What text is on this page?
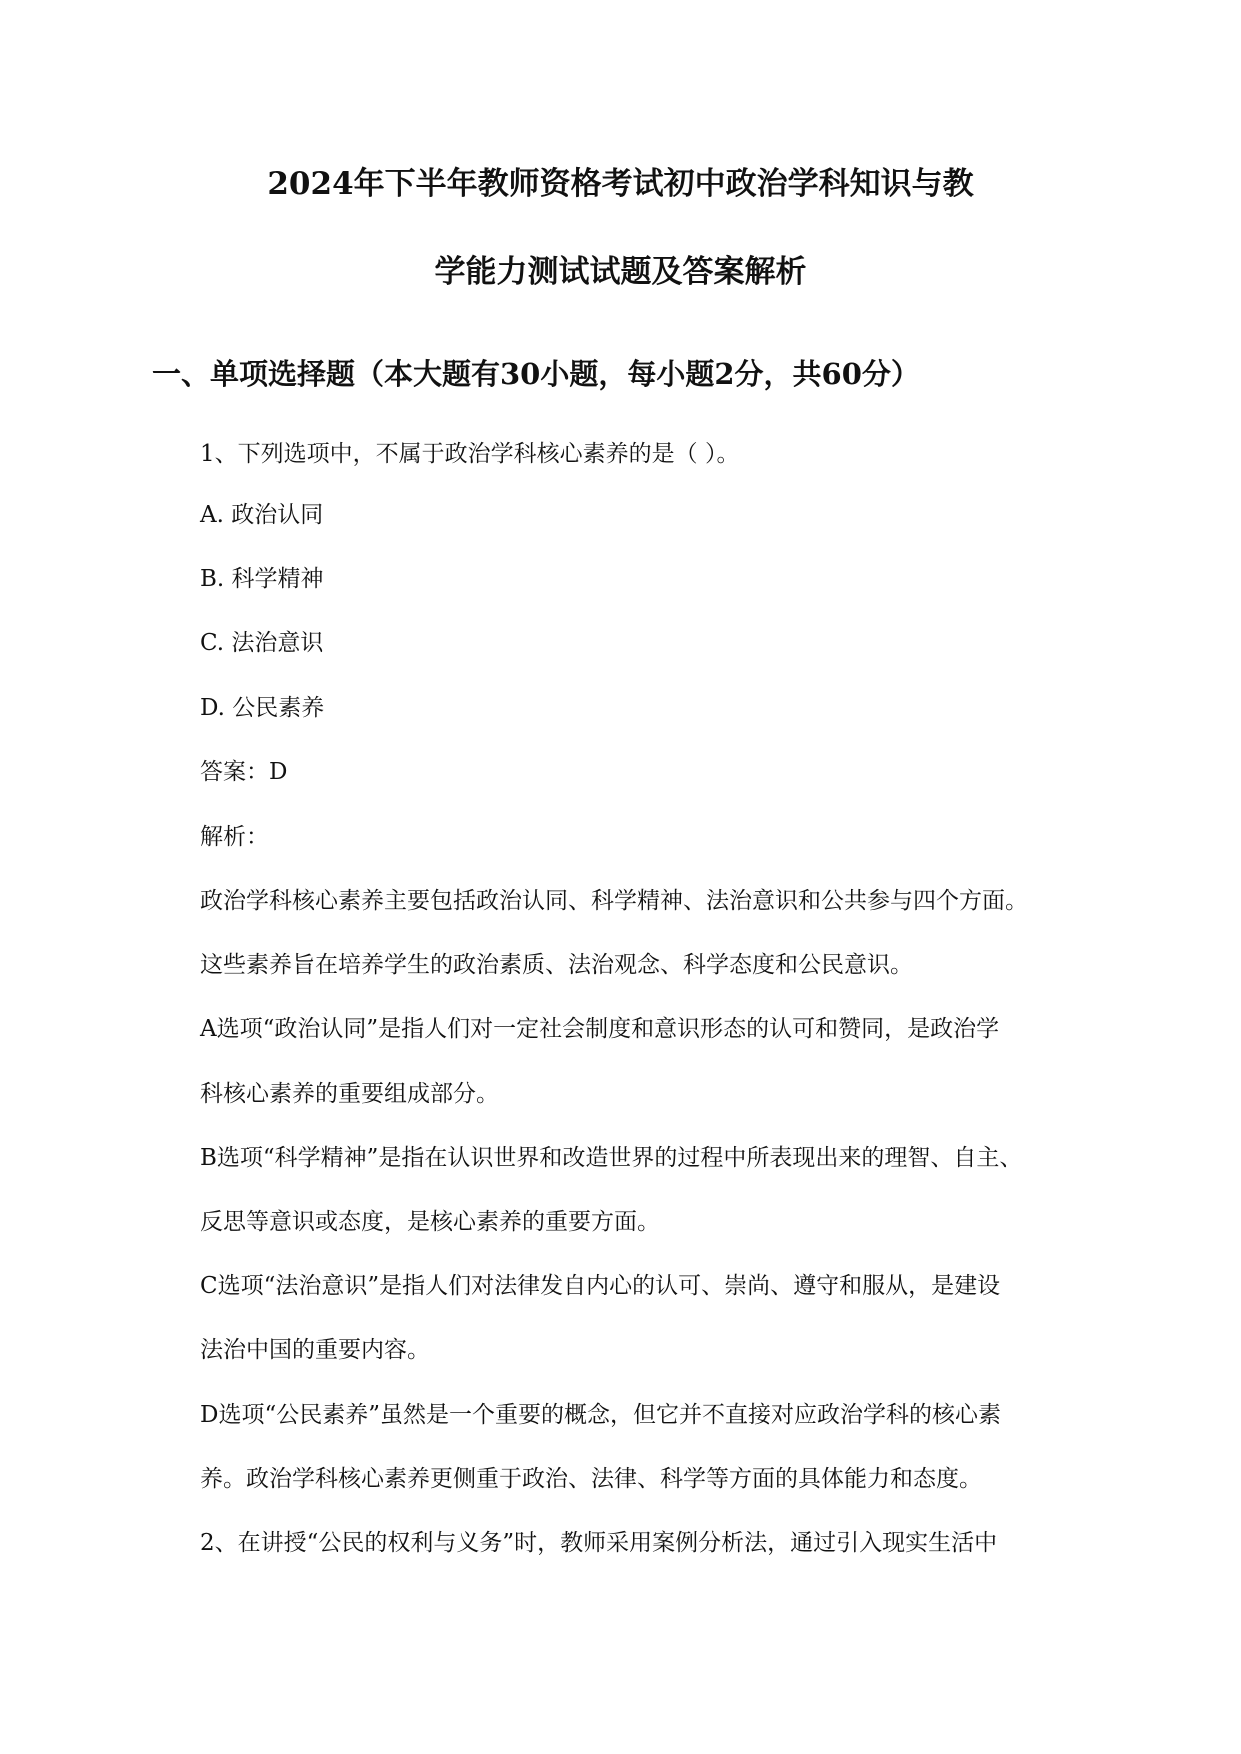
2024年下半年教师资格考试初中政治学科知识与教
学能力测试试题及答案解析
一、单项选择题（本大题有30小题，每小题2分，共60分）
1、下列选项中，不属于政治学科核心素养的是（ ）。
A. 政治认同
B. 科学精神
C. 法治意识
D. 公民素养
答案：D
解析：
政治学科核心素养主要包括政治认同、科学精神、法治意识和公共参与四个方面。
这些素养旨在培养学生的政治素质、法治观念、科学态度和公民意识。
A选项“政治认同”是指人们对一定社会制度和意识形态的认可和赞同，是政治学
科核心素养的重要组成部分。
B选项“科学精神”是指在认识世界和改造世界的过程中所表现出来的理智、自主、
反思等意识或态度，是核心素养的重要方面。
C选项“法治意识”是指人们对法律发自内心的认可、崇尚、遵守和服从，是建设
法治中国的重要内容。
D选项“公民素养”虽然是一个重要的概念，但它并不直接对应政治学科的核心素
养。政治学科核心素养更侧重于政治、法律、科学等方面的具体能力和态度。
2、在讲授“公民的权利与义务”时，教师采用案例分析法，通过引入现实生活中
